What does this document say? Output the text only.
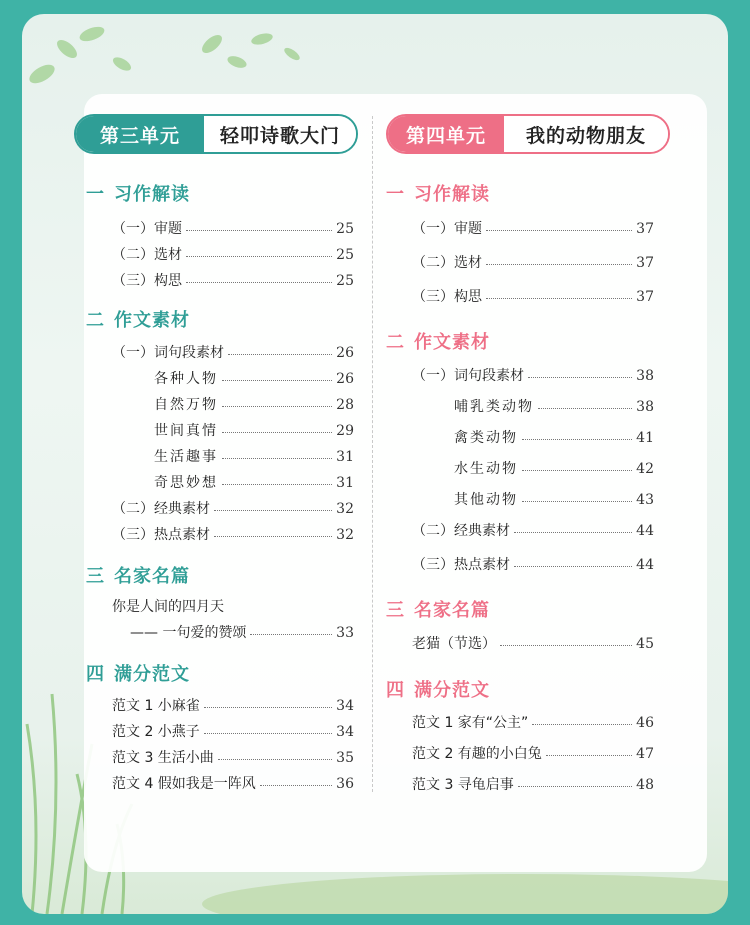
第三单元	轻叩诗歌大门
一 习作解读
（一）审题	25
（二）选材	25
（三）构思	25
二 作文素材
（一）词句段素材	26
各种人物	26
自然万物	28
世间真情	29
生活趣事	31
奇思妙想	31
（二）经典素材	32
（三）热点素材	32
三 名家名篇
你是人间的四月天
—— 一句爱的赞颂	33
四 满分范文
范文 1 小麻雀	34
范文 2 小燕子	34
范文 3 生活小曲	35
范文 4 假如我是一阵风	36
第四单元	我的动物朋友
一 习作解读
（一）审题	37
（二）选材	37
（三）构思	37
二 作文素材
（一）词句段素材	38
哺乳类动物	38
禽类动物	41
水生动物	42
其他动物	43
（二）经典素材	44
（三）热点素材	44
三 名家名篇
老猫（节选）	45
四 满分范文
范文 1 家有“公主”	46
范文 2 有趣的小白兔	47
范文 3 寻龟启事	48
